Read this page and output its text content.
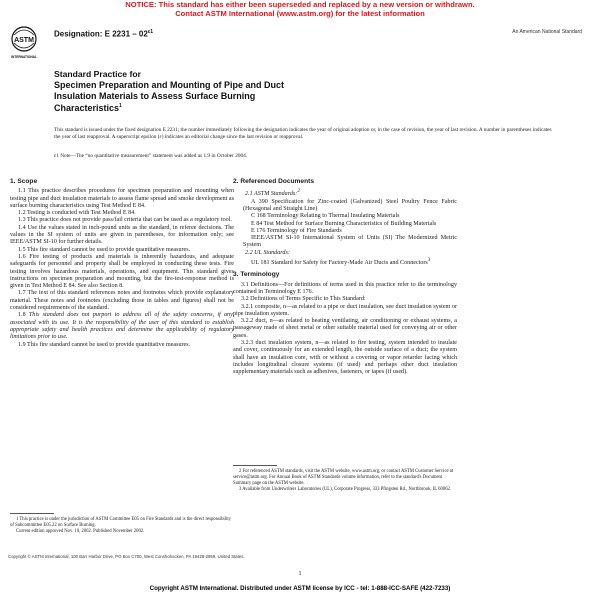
NOTICE: This standard has either been superseded and replaced by a new version or withdrawn.
Contact ASTM International (www.astm.org) for the latest information
ASTM
INTERNATIONAL
Designation: E $2231 - 02^{\varepsilon 1}$	An American National Standard
Standard Practice for
Specimen Preparation and Mounting of Pipe and Duct
Insulation Materials to Assess Surface Burning
Characteristics$^1$
This standard is issued under the fixed designation E 2231; the number immediately following the designation indicates the year of original adoption or, in the case of revision, the year of last revision. A number in parentheses indicates the year of last reapproval. A superscript epsilon (ε) indicates an editorial change since the last revision or reapproval.
ε1 Note—The “no quantitative measurement” statement was added as 1.9 in October 2004.
1. Scope

1.1 This practice describes procedures for specimen preparation and mounting when testing pipe and duct insulation materials to assess flame spread and smoke development as surface burning characteristics using Test Method E 84.

1.2 Testing is conducted with Test Method E 84.

1.3 This practice does not provide pass/fail criteria that can be used as a regulatory tool.

1.4 Use the values stated in inch-pound units as the standard, in referee decisions. The values in the SI system of units are given in parentheses, for information only; see IEEE/ASTM SI-10 for further details.

1.5 This fire standard cannot be used to provide quantitative measures.

1.6 Fire testing of products and materials is inherently hazardous, and adequate safeguards for personnel and property shall be employed in conducting these tests. Fire testing involves hazardous materials, operations, and equipment. This standard gives instructions on specimen preparation and mounting, but the fire-test-response method is given in Test Method E 84. See also Section 8.

1.7 The text of this standard references notes and footnotes which provide explanatory material. These notes and footnotes (excluding those in tables and figures) shall not be considered requirements of the standard.

1.8 This standard does not purport to address all of the safety concerns, if any, associated with its use. It is the responsibility of the user of this standard to establish appropriate safety and health practices and determine the applicability of regulatory limitations prior to use.

1.9 This fire standard cannot be used to provide quantitative measures.

2. Referenced Documents

2.1 ASTM Standards:$^2$

A 390 Specification for Zinc-coated (Galvanized) Steel Poultry Fence Fabric (Hexagonal and Straight Line)

C 168 Terminology Relating to Thermal Insulating Materials

E 84 Test Method for Surface Burning Characteristics of Building Materials

E 176 Terminology of Fire Standards

IEEE/ASTM SI-10 International System of Units (SI) The Modernized Metric System

2.2 UL Standards:

UL 181 Standard for Safety for Factory-Made Air Ducts and Connectors$^3$

3. Terminology

3.1 Definitions—For definitions of terms used in this practice refer to the terminology contained in Terminology E 176.

3.2 Definitions of Terms Specific to This Standard:

3.2.1 composite, n—as related to a pipe or duct insulation, see duct insulation system or pipe insulation system.

3.2.2 duct, n—as related to heating ventilating, air conditioning or exhaust systems, a passageway made of sheet metal or other suitable material used for conveying air or other gases.

3.2.3 duct insulation system, n—as related to fire testing, system intended to insulate and cover, continuously for an extended length, the outside surface of a duct; the system shall have an insulation core, with or without a covering or vapor retarder facing which includes longitudinal closure systems (if used) and perhaps other duct insulation supplementary materials such as adhesives, fasteners, or tapes (if used).

1 This practice is under the jurisdiction of ASTM Committee E05 on Fire Standards and is the direct responsibility of Subcommittee E05.22 on Surface Burning.

Current edition approved Nov. 10, 2002. Published November 2002.

2 For referenced ASTM standards, visit the ASTM website, www.astm.org, or contact ASTM Customer Service at service@astm.org. For Annual Book of ASTM Standards volume information, refer to the standard's Document Summary page on the ASTM website.

3 Available from Underwriters Laboratories (UL), Corporate Progress, 333 Pfingsten Rd., Northbrook, IL 60062.

Copyright © ASTM International, 100 Barr Harbor Drive, PO Box C700, West Conshohocken, PA 19428-2959, United States.
1
Copyright ASTM International. Distributed under ASTM license by ICC - tel: 1-888-ICC-SAFE (422-7233)
